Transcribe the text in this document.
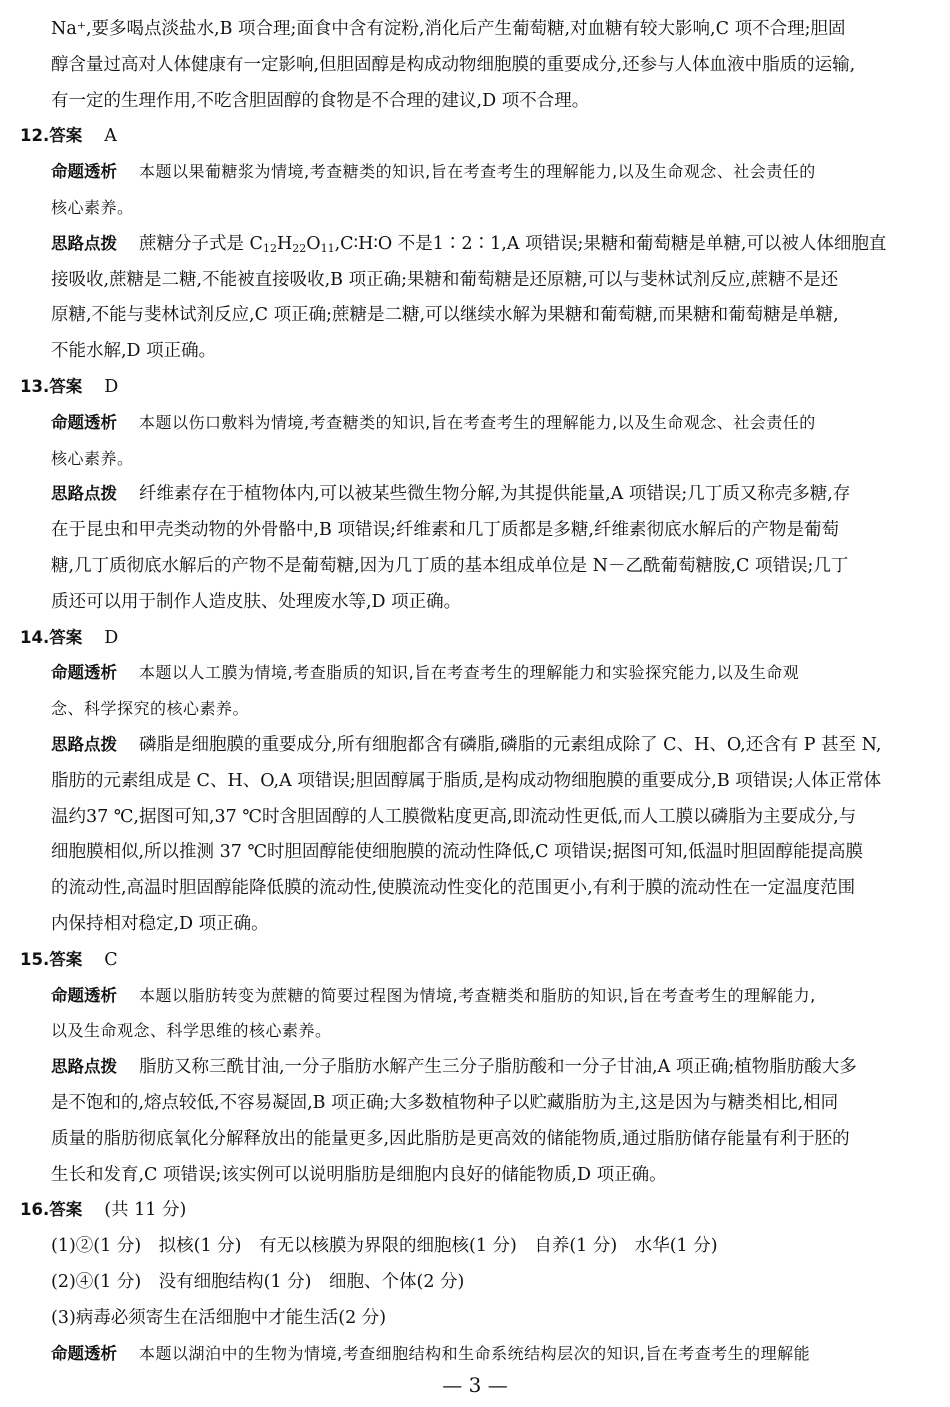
Na⁺,要多喝点淡盐水,B 项合理;面食中含有淀粉,消化后产生葡萄糖,对血糖有较大影响,C 项不合理;胆固
醇含量过高对人体健康有一定影响,但胆固醇是构成动物细胞膜的重要成分,还参与人体血液中脂质的运输,
有一定的生理作用,不吃含胆固醇的食物是不合理的建议,D 项不合理。
12.答案 A
命题透析 本题以果葡糖浆为情境,考查糖类的知识,旨在考查考生的理解能力,以及生命观念、社会责任的
核心素养。
思路点拨 蔗糖分子式是 $C_{12}H_{22}O_{11},C∶H∶O$ 不是1∶2∶1,A 项错误;果糖和葡萄糖是单糖,可以被人体细胞直
接吸收,蔗糖是二糖,不能被直接吸收,B 项正确;果糖和葡萄糖是还原糖,可以与斐林试剂反应,蔗糖不是还
原糖,不能与斐林试剂反应,C 项正确;蔗糖是二糖,可以继续水解为果糖和葡萄糖,而果糖和葡萄糖是单糖,
不能水解,D 项正确。
13.答案 D
命题透析 本题以伤口敷料为情境,考查糖类的知识,旨在考查考生的理解能力,以及生命观念、社会责任的
核心素养。
思路点拨 纤维素存在于植物体内,可以被某些微生物分解,为其提供能量,A 项错误;几丁质又称壳多糖,存
在于昆虫和甲壳类动物的外骨骼中,B 项错误;纤维素和几丁质都是多糖,纤维素彻底水解后的产物是葡萄
糖,几丁质彻底水解后的产物不是葡萄糖,因为几丁质的基本组成单位是 N－乙酰葡萄糖胺,C 项错误;几丁
质还可以用于制作人造皮肤、处理废水等,D 项正确。
14.答案 D
命题透析 本题以人工膜为情境,考查脂质的知识,旨在考查考生的理解能力和实验探究能力,以及生命观
念、科学探究的核心素养。
思路点拨 磷脂是细胞膜的重要成分,所有细胞都含有磷脂,磷脂的元素组成除了 C、H、O,还含有 P 甚至 N,
脂肪的元素组成是 C、H、O,A 项错误;胆固醇属于脂质,是构成动物细胞膜的重要成分,B 项错误;人体正常体
温约37 ℃,据图可知,37 ℃时含胆固醇的人工膜微粘度更高,即流动性更低,而人工膜以磷脂为主要成分,与
细胞膜相似,所以推测 37 ℃时胆固醇能使细胞膜的流动性降低,C 项错误;据图可知,低温时胆固醇能提高膜
的流动性,高温时胆固醇能降低膜的流动性,使膜流动性变化的范围更小,有利于膜的流动性在一定温度范围
内保持相对稳定,D 项正确。
15.答案 C
命题透析 本题以脂肪转变为蔗糖的简要过程图为情境,考查糖类和脂肪的知识,旨在考查考生的理解能力,
以及生命观念、科学思维的核心素养。
思路点拨 脂肪又称三酰甘油,一分子脂肪水解产生三分子脂肪酸和一分子甘油,A 项正确;植物脂肪酸大多
是不饱和的,熔点较低,不容易凝固,B 项正确;大多数植物种子以贮藏脂肪为主,这是因为与糖类相比,相同
质量的脂肪彻底氧化分解释放出的能量更多,因此脂肪是更高效的储能物质,通过脂肪储存能量有利于胚的
生长和发育,C 项错误;该实例可以说明脂肪是细胞内良好的储能物质,D 项正确。
16.答案 (共 11 分)
(1)②(1 分)　拟核(1 分)　有无以核膜为界限的细胞核(1 分)　自养(1 分)　水华(1 分)
(2)④(1 分)　没有细胞结构(1 分)　细胞、个体(2 分)
(3)病毒必须寄生在活细胞中才能生活(2 分)
命题透析 本题以湖泊中的生物为情境,考查细胞结构和生命系统结构层次的知识,旨在考查考生的理解能
— 3 —
